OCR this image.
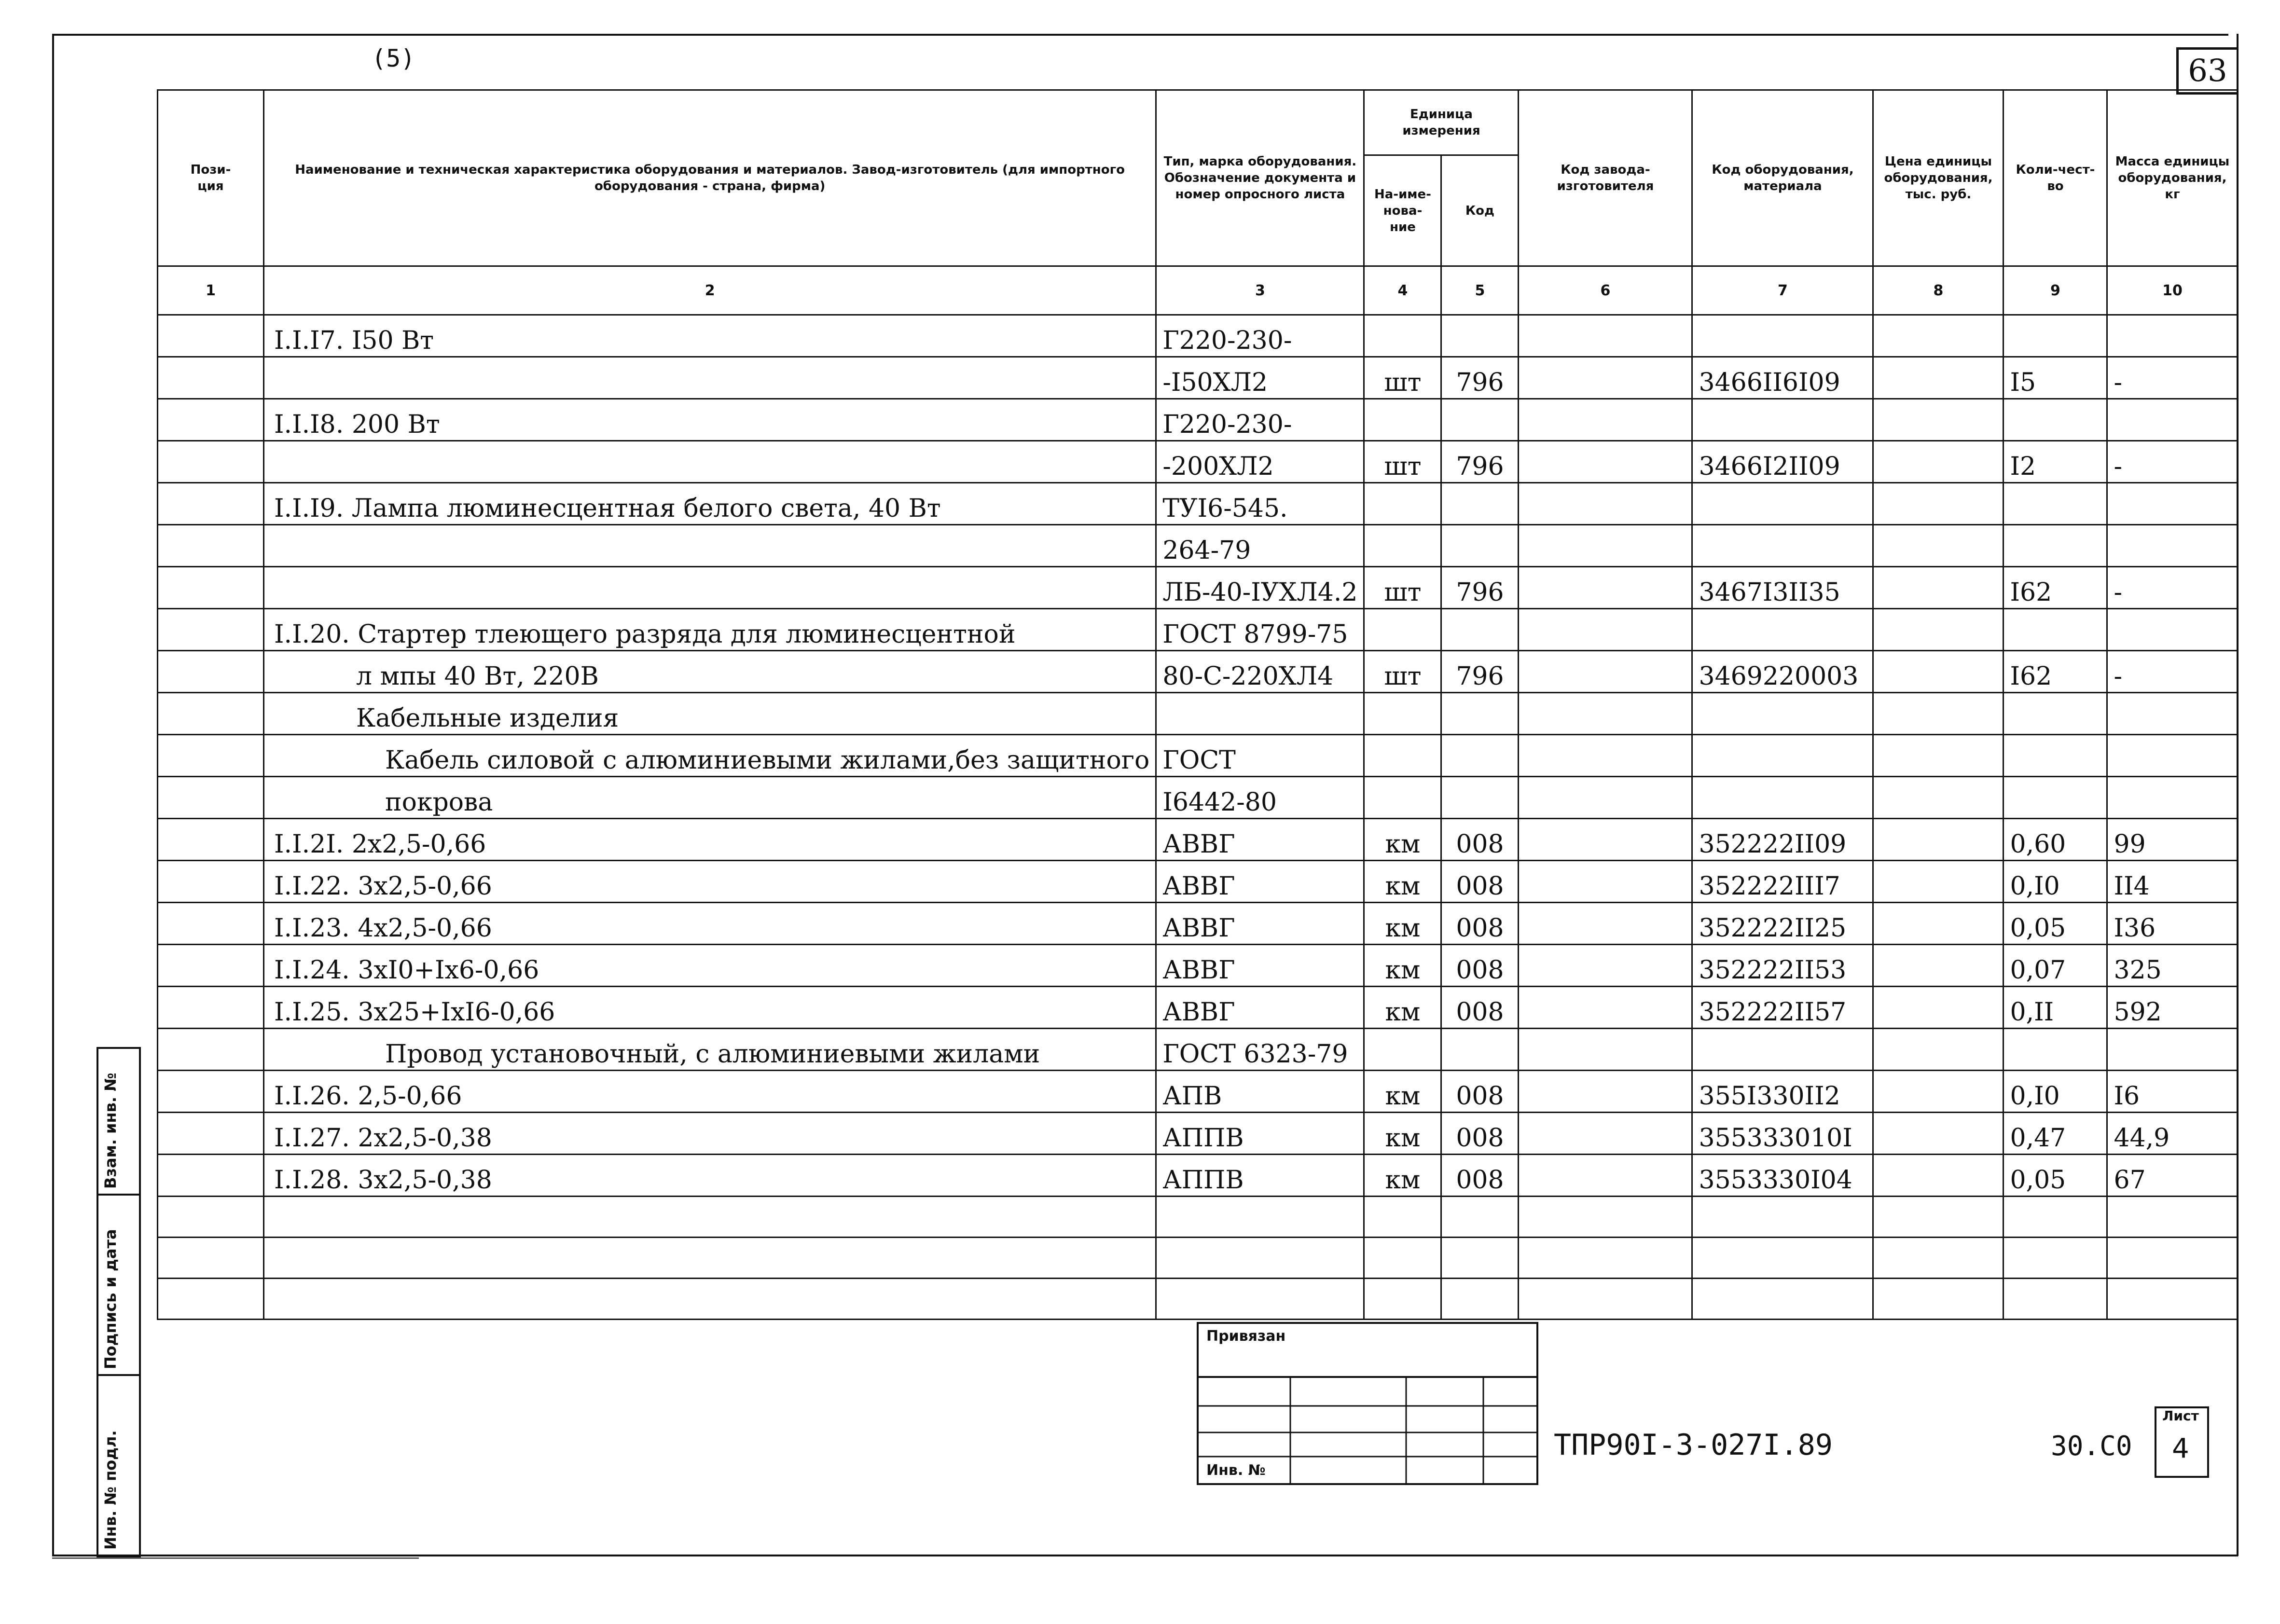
(5)	63
Пози-
ция	Наименование и техническая характеристика оборудования и материалов. Завод-изготовитель (для импортного оборудования - страна, фирма)	Тип, марка оборудования. Обозначение документа и номер опросного листа	Единица измерения		Код завода-изготовителя	Код оборудования, материала	Цена единицы оборудования, тыс. руб.	Коли-чест-во	Масса единицы оборудования, кг
			На-име-нова-ние	Код					
1	2	3	4	5	6	7	8	9	10
	I.I.I7. I50 Вт	Г220-230-							
		-I50ХЛ2	шт	796		3466II6I09		I5	-
	I.I.I8. 200 Вт	Г220-230-							
		-200ХЛ2	шт	796		3466I2II09		I2	-
	I.I.I9. Лампа люминесцентная белого света, 40 Вт	ТУI6-545.							
		264-79							
		ЛБ-40-IУХЛ4.2	шт	796		3467I3II35		I62	-
	I.I.20. Стартер тлеющего разряда для люминесцентной	ГОСТ 8799-75							
	л мпы 40 Вт, 220В	80-С-220ХЛ4	шт	796		3469220003		I62	-
	Кабельные изделия								
	Кабель силовой с алюминиевыми жилами,без защитного	ГОСТ							
	покрова	I6442-80							
	I.I.2I. 2х2,5-0,66	АВВГ	км	008		352222II09		0,60	99
	I.I.22. 3х2,5-0,66	АВВГ	км	008		352222III7		0,I0	II4
	I.I.23. 4х2,5-0,66	АВВГ	км	008		352222II25		0,05	I36
	I.I.24. 3хI0+Iх6-0,66	АВВГ	км	008		352222II53		0,07	325
	I.I.25. 3х25+IхI6-0,66	АВВГ	км	008		352222II57		0,II	592
	Провод установочный, с алюминиевыми жилами	ГОСТ 6323-79							
	I.I.26. 2,5-0,66	АПВ	км	008		355I330II2		0,I0	I6
	I.I.27. 2х2,5-0,38	АППВ	км	008		355333010I		0,47	44,9
	I.I.28. 3х2,5-0,38	АППВ	км	008		3553330I04		0,05	67

Взам. инв. №
Подпись и дата
Инв. № подл.
Привязан
Инв. №
ТПР90I-3-027I.89	30.С0
Лист
4
